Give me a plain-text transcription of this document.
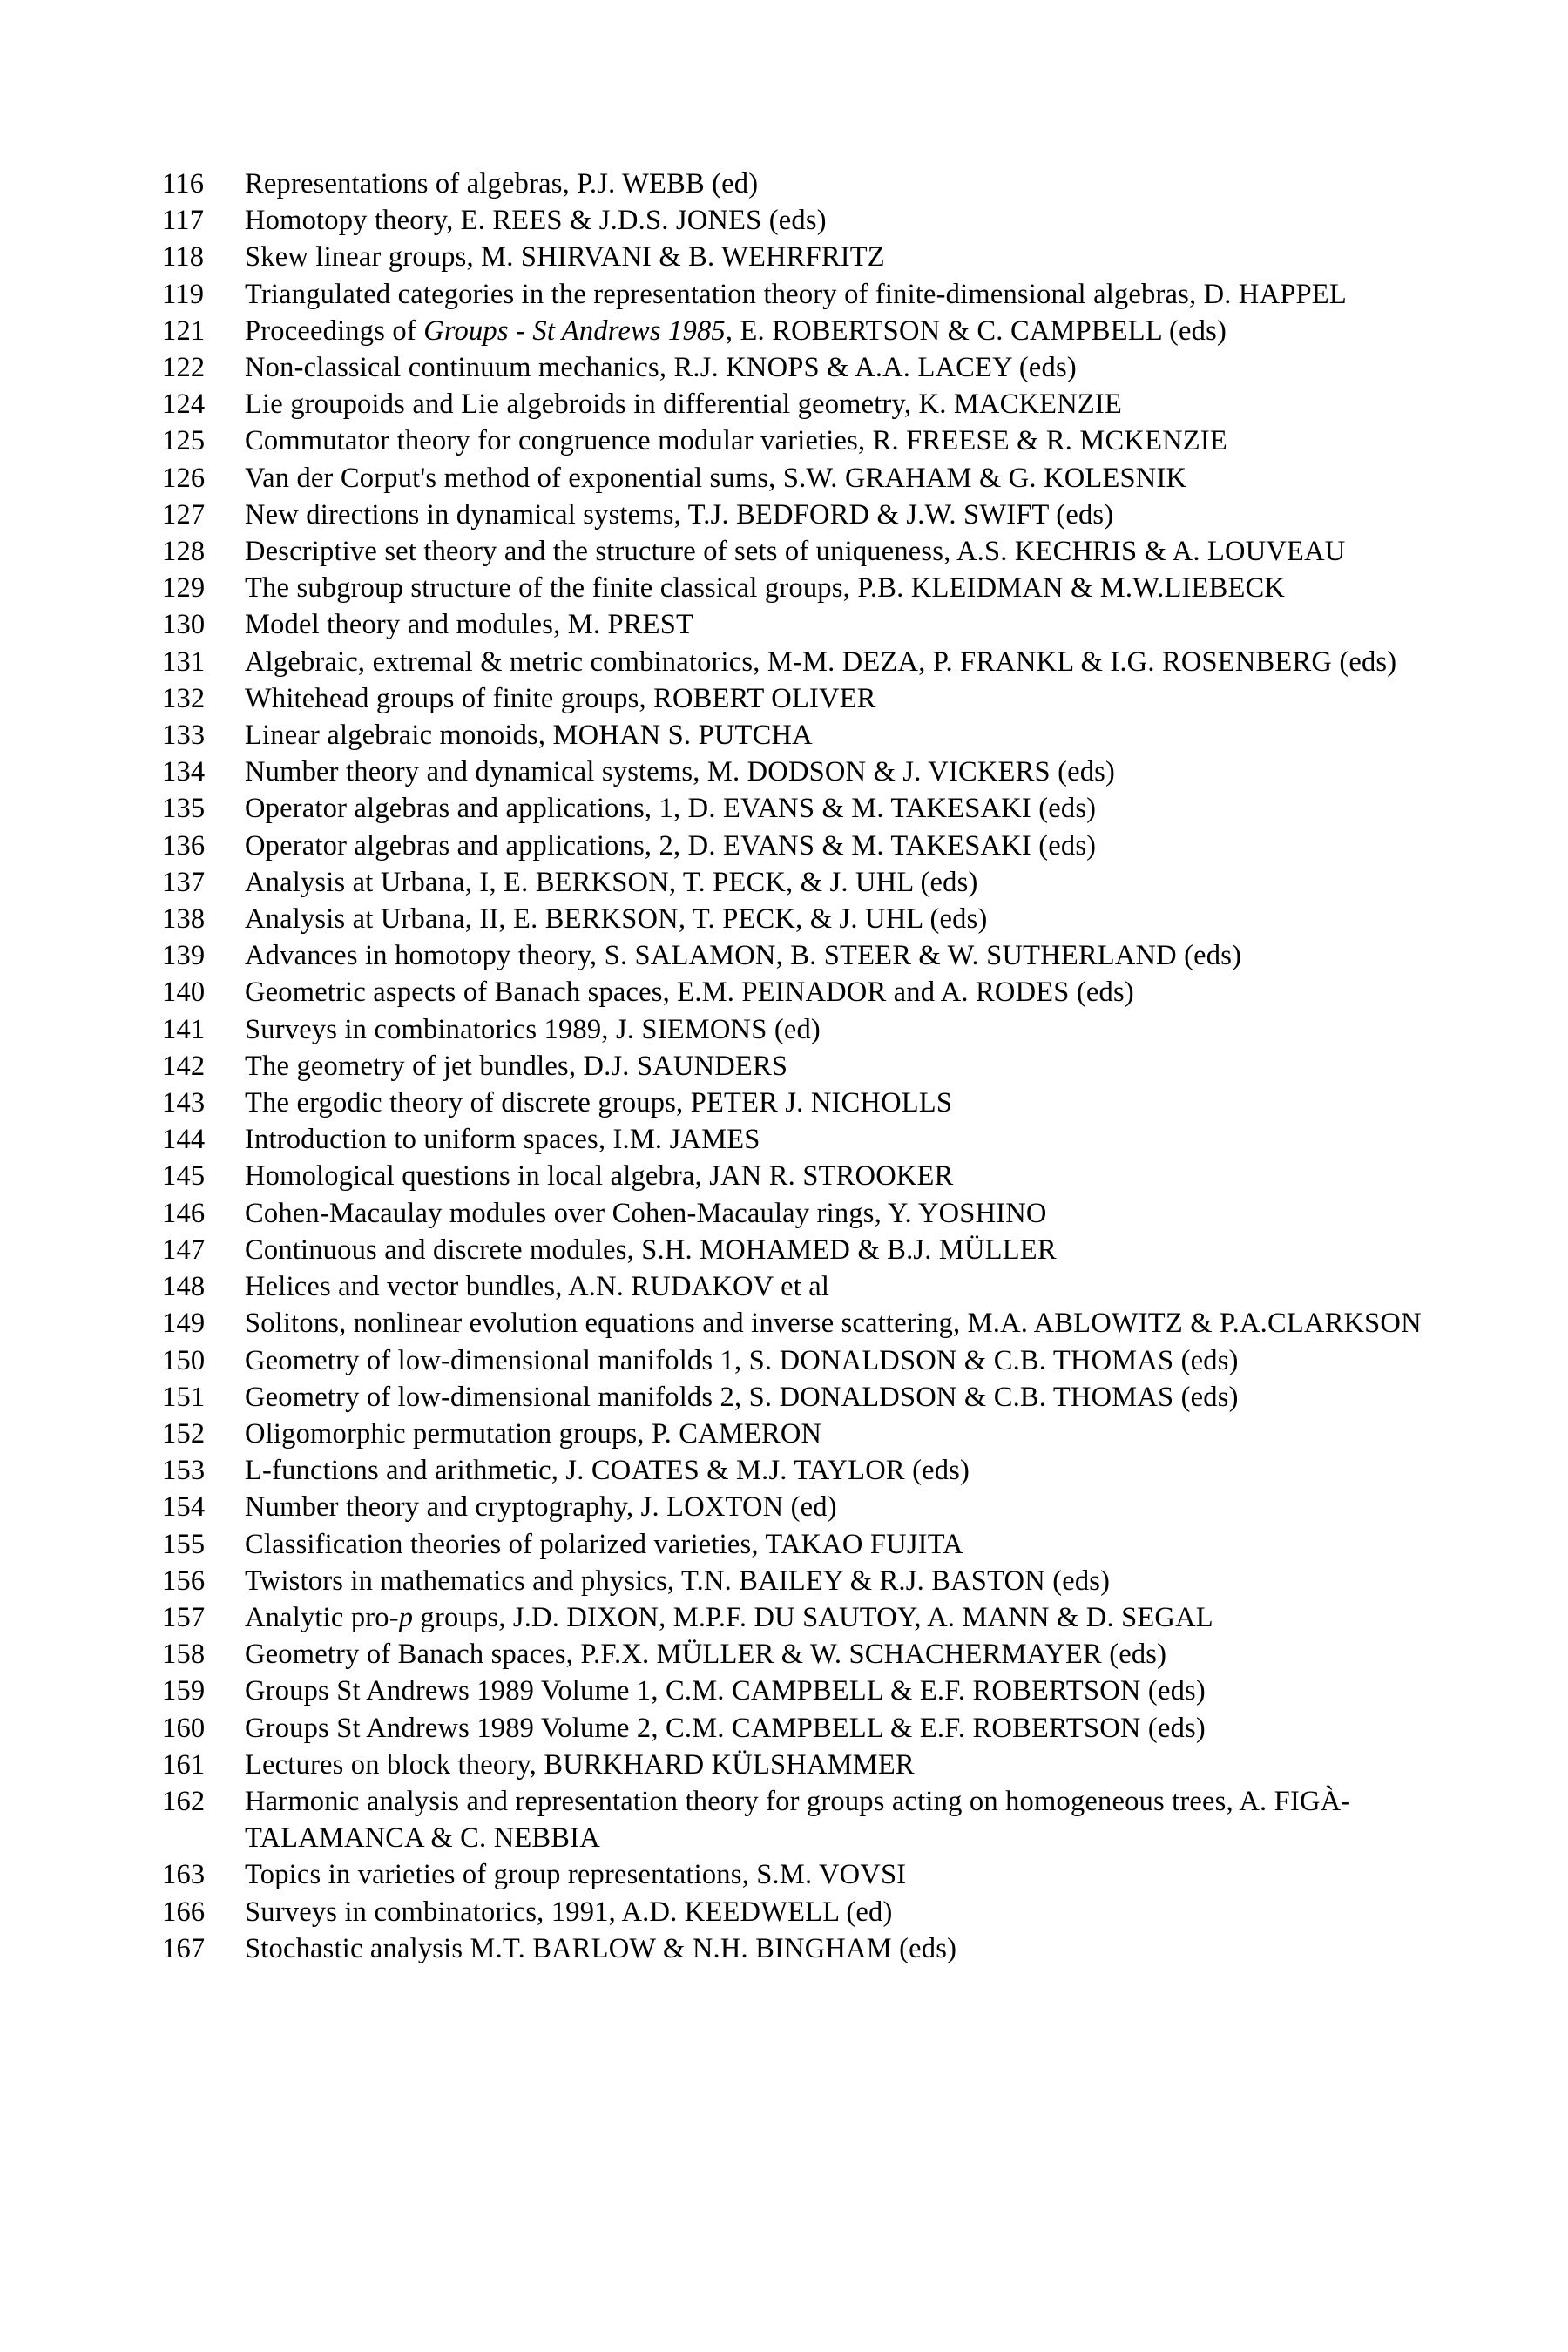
116	Representations of algebras, P.J. WEBB (ed)
117	Homotopy theory, E. REES & J.D.S. JONES (eds)
118	Skew linear groups, M. SHIRVANI & B. WEHRFRITZ
119	Triangulated categories in the representation theory of finite-dimensional algebras, D. HAPPEL
121	Proceedings of Groups - St Andrews 1985, E. ROBERTSON & C. CAMPBELL (eds)
122	Non-classical continuum mechanics, R.J. KNOPS & A.A. LACEY (eds)
124	Lie groupoids and Lie algebroids in differential geometry, K. MACKENZIE
125	Commutator theory for congruence modular varieties, R. FREESE & R. MCKENZIE
126	Van der Corput's method of exponential sums, S.W. GRAHAM & G. KOLESNIK
127	New directions in dynamical systems, T.J. BEDFORD & J.W. SWIFT (eds)
128	Descriptive set theory and the structure of sets of uniqueness, A.S. KECHRIS & A. LOUVEAU
129	The subgroup structure of the finite classical groups, P.B. KLEIDMAN & M.W.LIEBECK
130	Model theory and modules, M. PREST
131	Algebraic, extremal & metric combinatorics, M-M. DEZA, P. FRANKL & I.G. ROSENBERG (eds)
132	Whitehead groups of finite groups, ROBERT OLIVER
133	Linear algebraic monoids, MOHAN S. PUTCHA
134	Number theory and dynamical systems, M. DODSON & J. VICKERS (eds)
135	Operator algebras and applications, 1, D. EVANS & M. TAKESAKI (eds)
136	Operator algebras and applications, 2, D. EVANS & M. TAKESAKI (eds)
137	Analysis at Urbana, I, E. BERKSON, T. PECK, & J. UHL (eds)
138	Analysis at Urbana, II, E. BERKSON, T. PECK, & J. UHL (eds)
139	Advances in homotopy theory, S. SALAMON, B. STEER & W. SUTHERLAND (eds)
140	Geometric aspects of Banach spaces, E.M. PEINADOR and A. RODES (eds)
141	Surveys in combinatorics 1989, J. SIEMONS (ed)
142	The geometry of jet bundles, D.J. SAUNDERS
143	The ergodic theory of discrete groups, PETER J. NICHOLLS
144	Introduction to uniform spaces, I.M. JAMES
145	Homological questions in local algebra, JAN R. STROOKER
146	Cohen-Macaulay modules over Cohen-Macaulay rings, Y. YOSHINO
147	Continuous and discrete modules, S.H. MOHAMED & B.J. MÜLLER
148	Helices and vector bundles, A.N. RUDAKOV et al
149	Solitons, nonlinear evolution equations and inverse scattering, M.A. ABLOWITZ & P.A.CLARKSON
150	Geometry of low-dimensional manifolds 1, S. DONALDSON & C.B. THOMAS (eds)
151	Geometry of low-dimensional manifolds 2, S. DONALDSON & C.B. THOMAS (eds)
152	Oligomorphic permutation groups, P. CAMERON
153	L-functions and arithmetic, J. COATES & M.J. TAYLOR (eds)
154	Number theory and cryptography, J. LOXTON (ed)
155	Classification theories of polarized varieties, TAKAO FUJITA
156	Twistors in mathematics and physics, T.N. BAILEY & R.J. BASTON (eds)
157	Analytic pro-p groups, J.D. DIXON, M.P.F. DU SAUTOY, A. MANN & D. SEGAL
158	Geometry of Banach spaces, P.F.X. MÜLLER & W. SCHACHERMAYER (eds)
159	Groups St Andrews 1989 Volume 1, C.M. CAMPBELL & E.F. ROBERTSON (eds)
160	Groups St Andrews 1989 Volume 2, C.M. CAMPBELL & E.F. ROBERTSON (eds)
161	Lectures on block theory, BURKHARD KÜLSHAMMER
162	Harmonic analysis and representation theory for groups acting on homogeneous trees, A. FIGÀ-TALAMANCA & C. NEBBIA
163	Topics in varieties of group representations, S.M. VOVSI
166	Surveys in combinatorics, 1991, A.D. KEEDWELL (ed)
167	Stochastic analysis M.T. BARLOW & N.H. BINGHAM (eds)
